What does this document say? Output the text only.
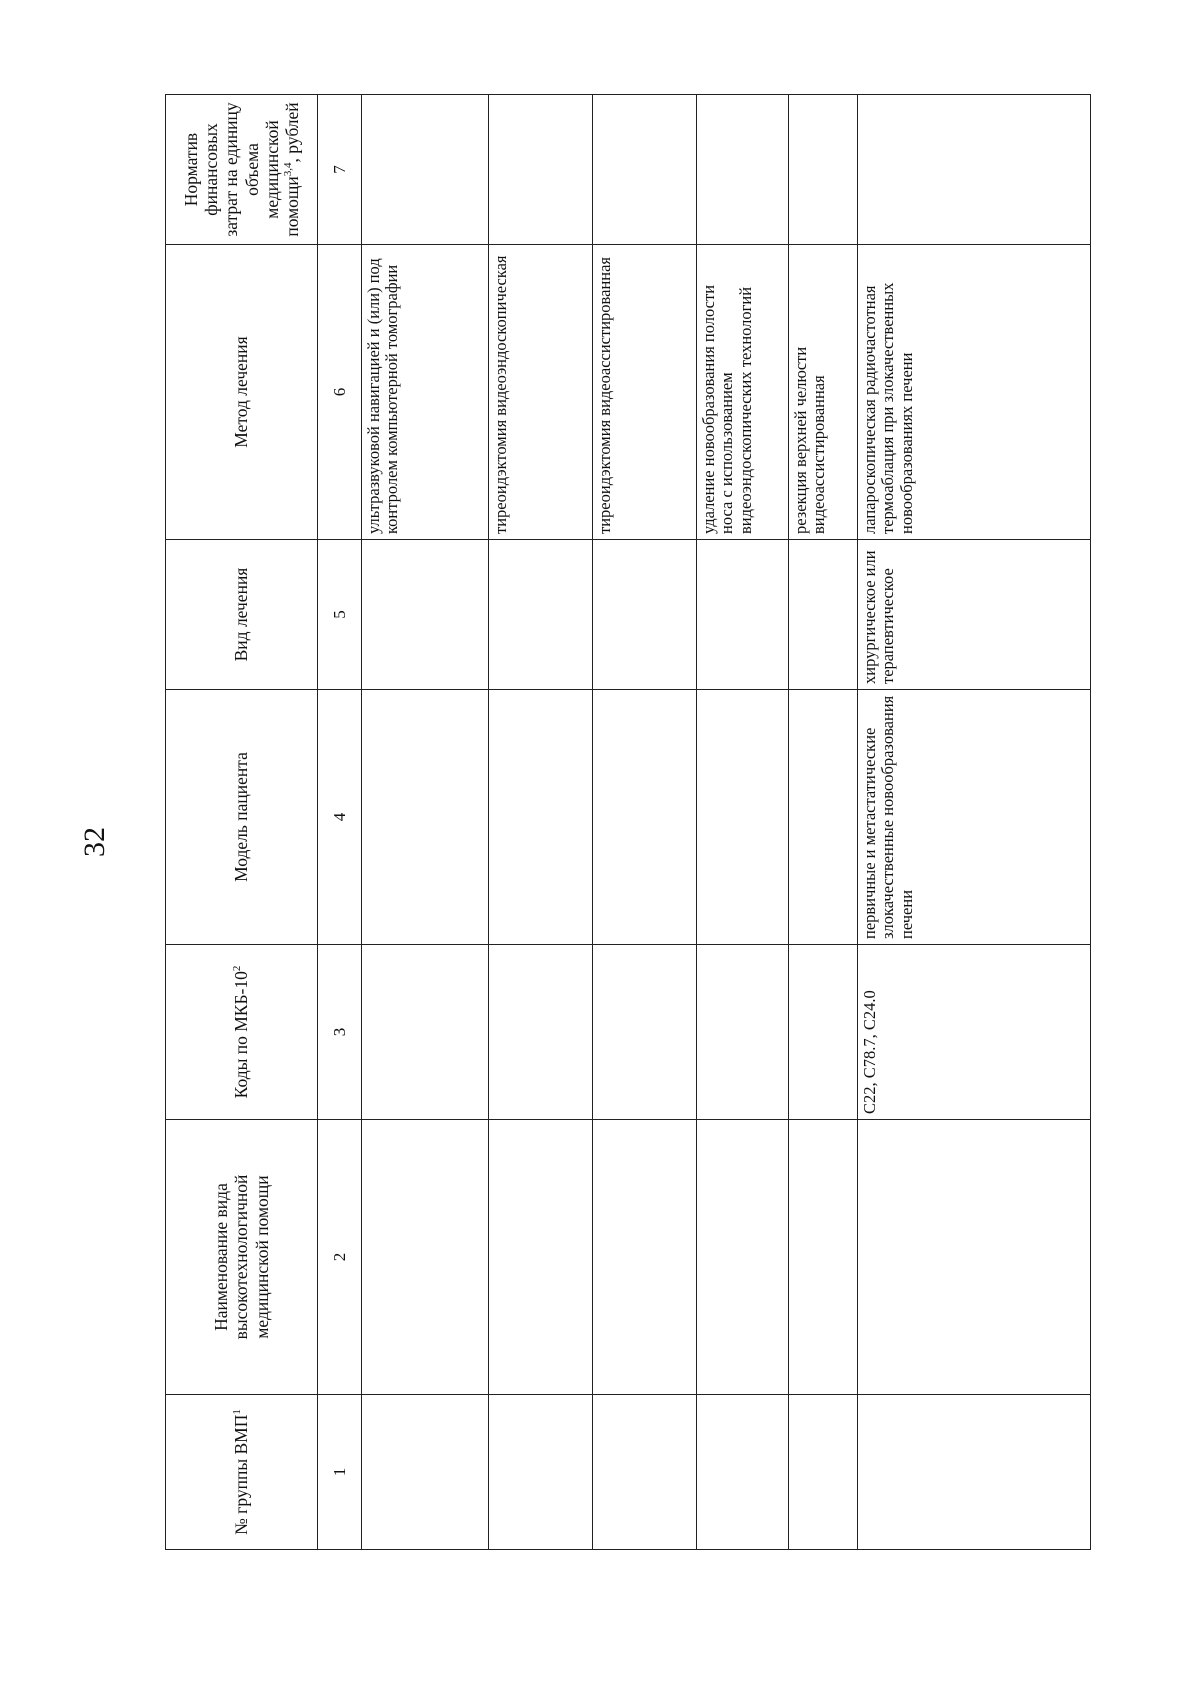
32
№ группы ВМП$^1$	Наименование вида высокотехнологичной медицинской помощи	Коды по МКБ-$10^2$	Модель пациента	Вид лечения	Метод лечения	Норматив финансовых затрат на единицу объема медицинской помощи$^{3,4}$, рублей
1	2	3	4	5	6	7
					ультразвуковой навигацией и (или) под контролем компьютерной томографии	
					тиреоидэктомия видеоэндоскопическая	
					тиреоидэктомия видеоассистированная	
					удаление новообразования полости носа с использованием видеоэндоскопических технологий	
					резекция верхней челюсти видеоассистированная	
		C22, C78.7, C24.0	первичные и метастатические злокачественные новообразования печени	хирургическое или терапевтическое	лапароскопическая радиочастотная термоаблация при злокачественных новообразованиях печени	
